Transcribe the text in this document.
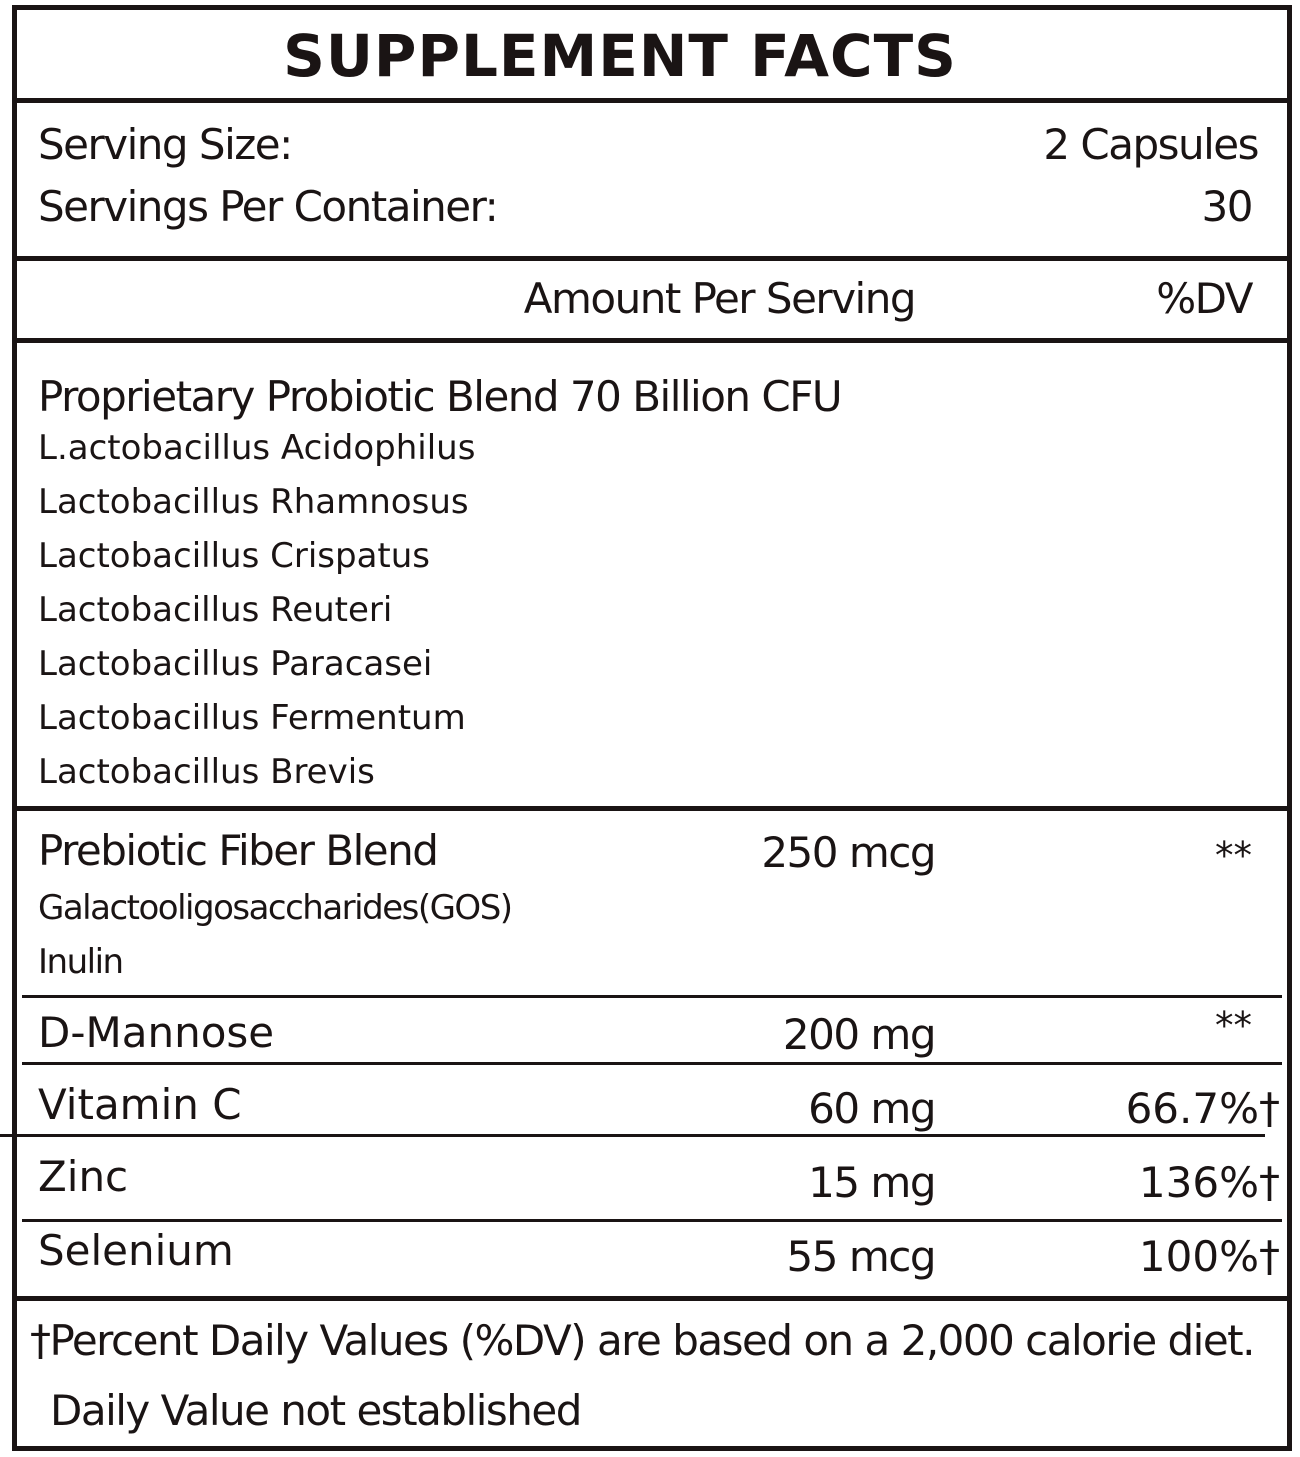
SUPPLEMENT FACTS
Serving Size:	2 Capsules
Servings Per Container:	30
Amount Per Serving	%DV
Proprietary Probiotic Blend 70 Billion CFU
L.actobacillus Acidophilus
Lactobacillus Rhamnosus
Lactobacillus Crispatus
Lactobacillus Reuteri
Lactobacillus Paracasei
Lactobacillus Fermentum
Lactobacillus Brevis
Prebiotic Fiber Blend	250 mcg	**
Galactooligosaccharides(GOS)
Inulin
D-Mannose	200 mg	**
Vitamin C	60 mg	66.7%†
Zinc	15 mg	136%†
Selenium	55 mcg	100%†
†Percent Daily Values (%DV) are based on a 2,000 calorie diet.
Daily Value not established
